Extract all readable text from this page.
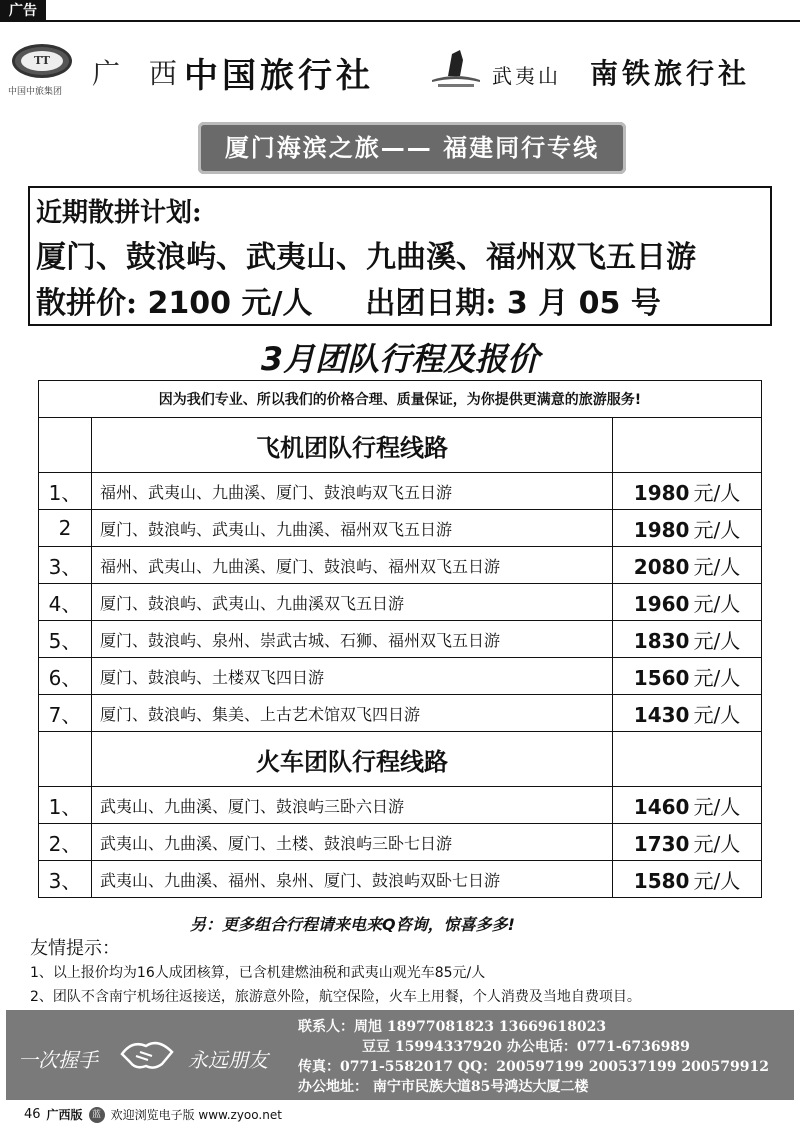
广告
TT
中国中旅集团
广 西
中国旅行社	武夷山 南铁旅行社
厦门海滨之旅—— 福建同行专线
近期散拼计划:
厦门、鼓浪屿、武夷山、九曲溪、福州双飞五日游
散拼价: 2100 元/人 出团日期: 3 月 05 号
3月团队行程及报价
因为我们专业、所以我们的价格合理、质量保证，为你提供更满意的旅游服务!		
	飞机团队行程线路	
1、	福州、武夷山、九曲溪、厦门、鼓浪屿双飞五日游	1980 元/人
2	厦门、鼓浪屿、武夷山、九曲溪、福州双飞五日游	1980 元/人
3、	福州、武夷山、九曲溪、厦门、鼓浪屿、福州双飞五日游	2080 元/人
4、	厦门、鼓浪屿、武夷山、九曲溪双飞五日游	1960 元/人
5、	厦门、鼓浪屿、泉州、崇武古城、石狮、福州双飞五日游	1830 元/人
6、	厦门、鼓浪屿、土楼双飞四日游	1560 元/人
7、	厦门、鼓浪屿、集美、上古艺术馆双飞四日游	1430 元/人
	火车团队行程线路	
1、	武夷山、九曲溪、厦门、鼓浪屿三卧六日游	1460 元/人
2、	武夷山、九曲溪、厦门、土楼、鼓浪屿三卧七日游	1730 元/人
3、	武夷山、九曲溪、福州、泉州、厦门、鼓浪屿双卧七日游	1580 元/人
另：更多组合行程请来电来Q咨询，惊喜多多!
友情提示：
1、以上报价均为16人成团核算，已含机建燃油税和武夷山观光车85元/人
2、团队不含南宁机场往返接送，旅游意外险，航空保险，火车上用餐，个人消费及当地自费项目。
一次握手	永远朋友
联系人：周旭 18977081823 13669618023
豆豆 15994337920 办公电话：0771-6736989
传真：0771-5582017 QQ：200597199 200537199 200579912
办公地址： 南宁市民族大道85号鸿达大厦二楼
46 广西版	蓝 欢迎浏览电子版 www.zyoo.net
